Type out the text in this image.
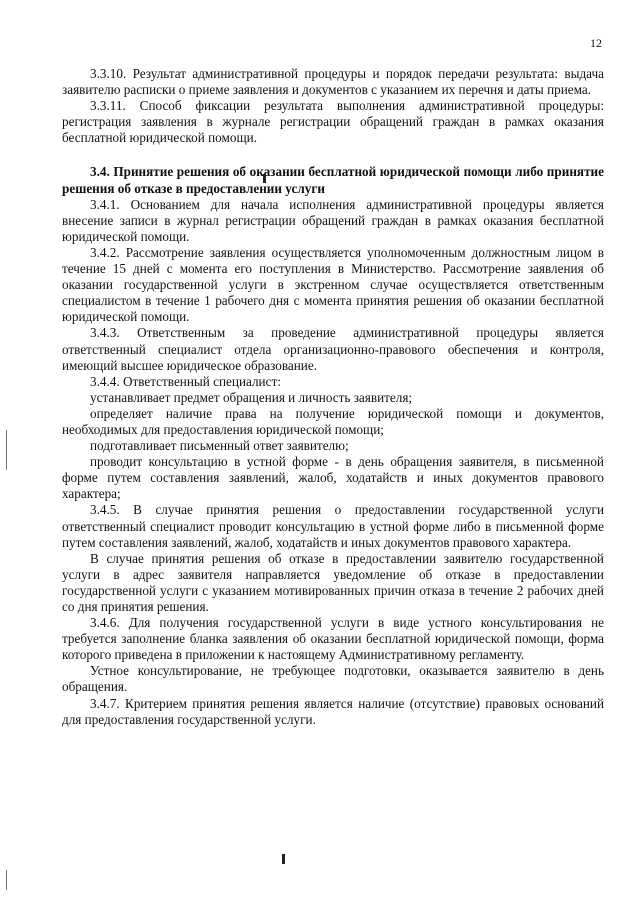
12

3.3.10. Результат административной процедуры и порядок передачи результата: выдача заявителю расписки о приеме заявления и документов с указанием их перечня и даты приема.

3.3.11. Способ фиксации результата выполнения административной процедуры: регистрация заявления в журнале регистрации обращений граждан в рамках оказания бесплатной юридической помощи.

3.4. Принятие решения об оказании бесплатной юридической помощи либо принятие решения об отказе в предоставлении услуги

3.4.1. Основанием для начала исполнения административной процедуры является внесение записи в журнал регистрации обращений граждан в рамках оказания бесплатной юридической помощи.

3.4.2. Рассмотрение заявления осуществляется уполномоченным должностным лицом в течение 15 дней с момента его поступления в Министерство. Рассмотрение заявления об оказании государственной услуги в экстренном случае осуществляется ответственным специалистом в течение 1 рабочего дня с момента принятия решения об оказании бесплатной юридической помощи.

3.4.3. Ответственным за проведение административной процедуры является ответственный специалист отдела организационно-правового обеспечения и контроля, имеющий высшее юридическое образование.

3.4.4. Ответственный специалист:

устанавливает предмет обращения и личность заявителя;

определяет наличие права на получение юридической помощи и документов, необходимых для предоставления юридической помощи;

подготавливает письменный ответ заявителю;

проводит консультацию в устной форме - в день обращения заявителя, в письменной форме путем составления заявлений, жалоб, ходатайств и иных документов правового характера;

3.4.5. В случае принятия решения о предоставлении государственной услуги ответственный специалист проводит консультацию в устной форме либо в письменной форме путем составления заявлений, жалоб, ходатайств и иных документов правового характера.

В случае принятия решения об отказе в предоставлении заявителю государственной услуги в адрес заявителя направляется уведомление об отказе в предоставлении государственной услуги с указанием мотивированных причин отказа в течение 2 рабочих дней со дня принятия решения.

3.4.6. Для получения государственной услуги в виде устного консультирования не требуется заполнение бланка заявления об оказании бесплатной юридической помощи, форма которого приведена в приложении к настоящему Административному регламенту.

Устное консультирование, не требующее подготовки, оказывается заявителю в день обращения.

3.4.7. Критерием принятия решения является наличие (отсутствие) правовых оснований для предоставления государственной услуги.
